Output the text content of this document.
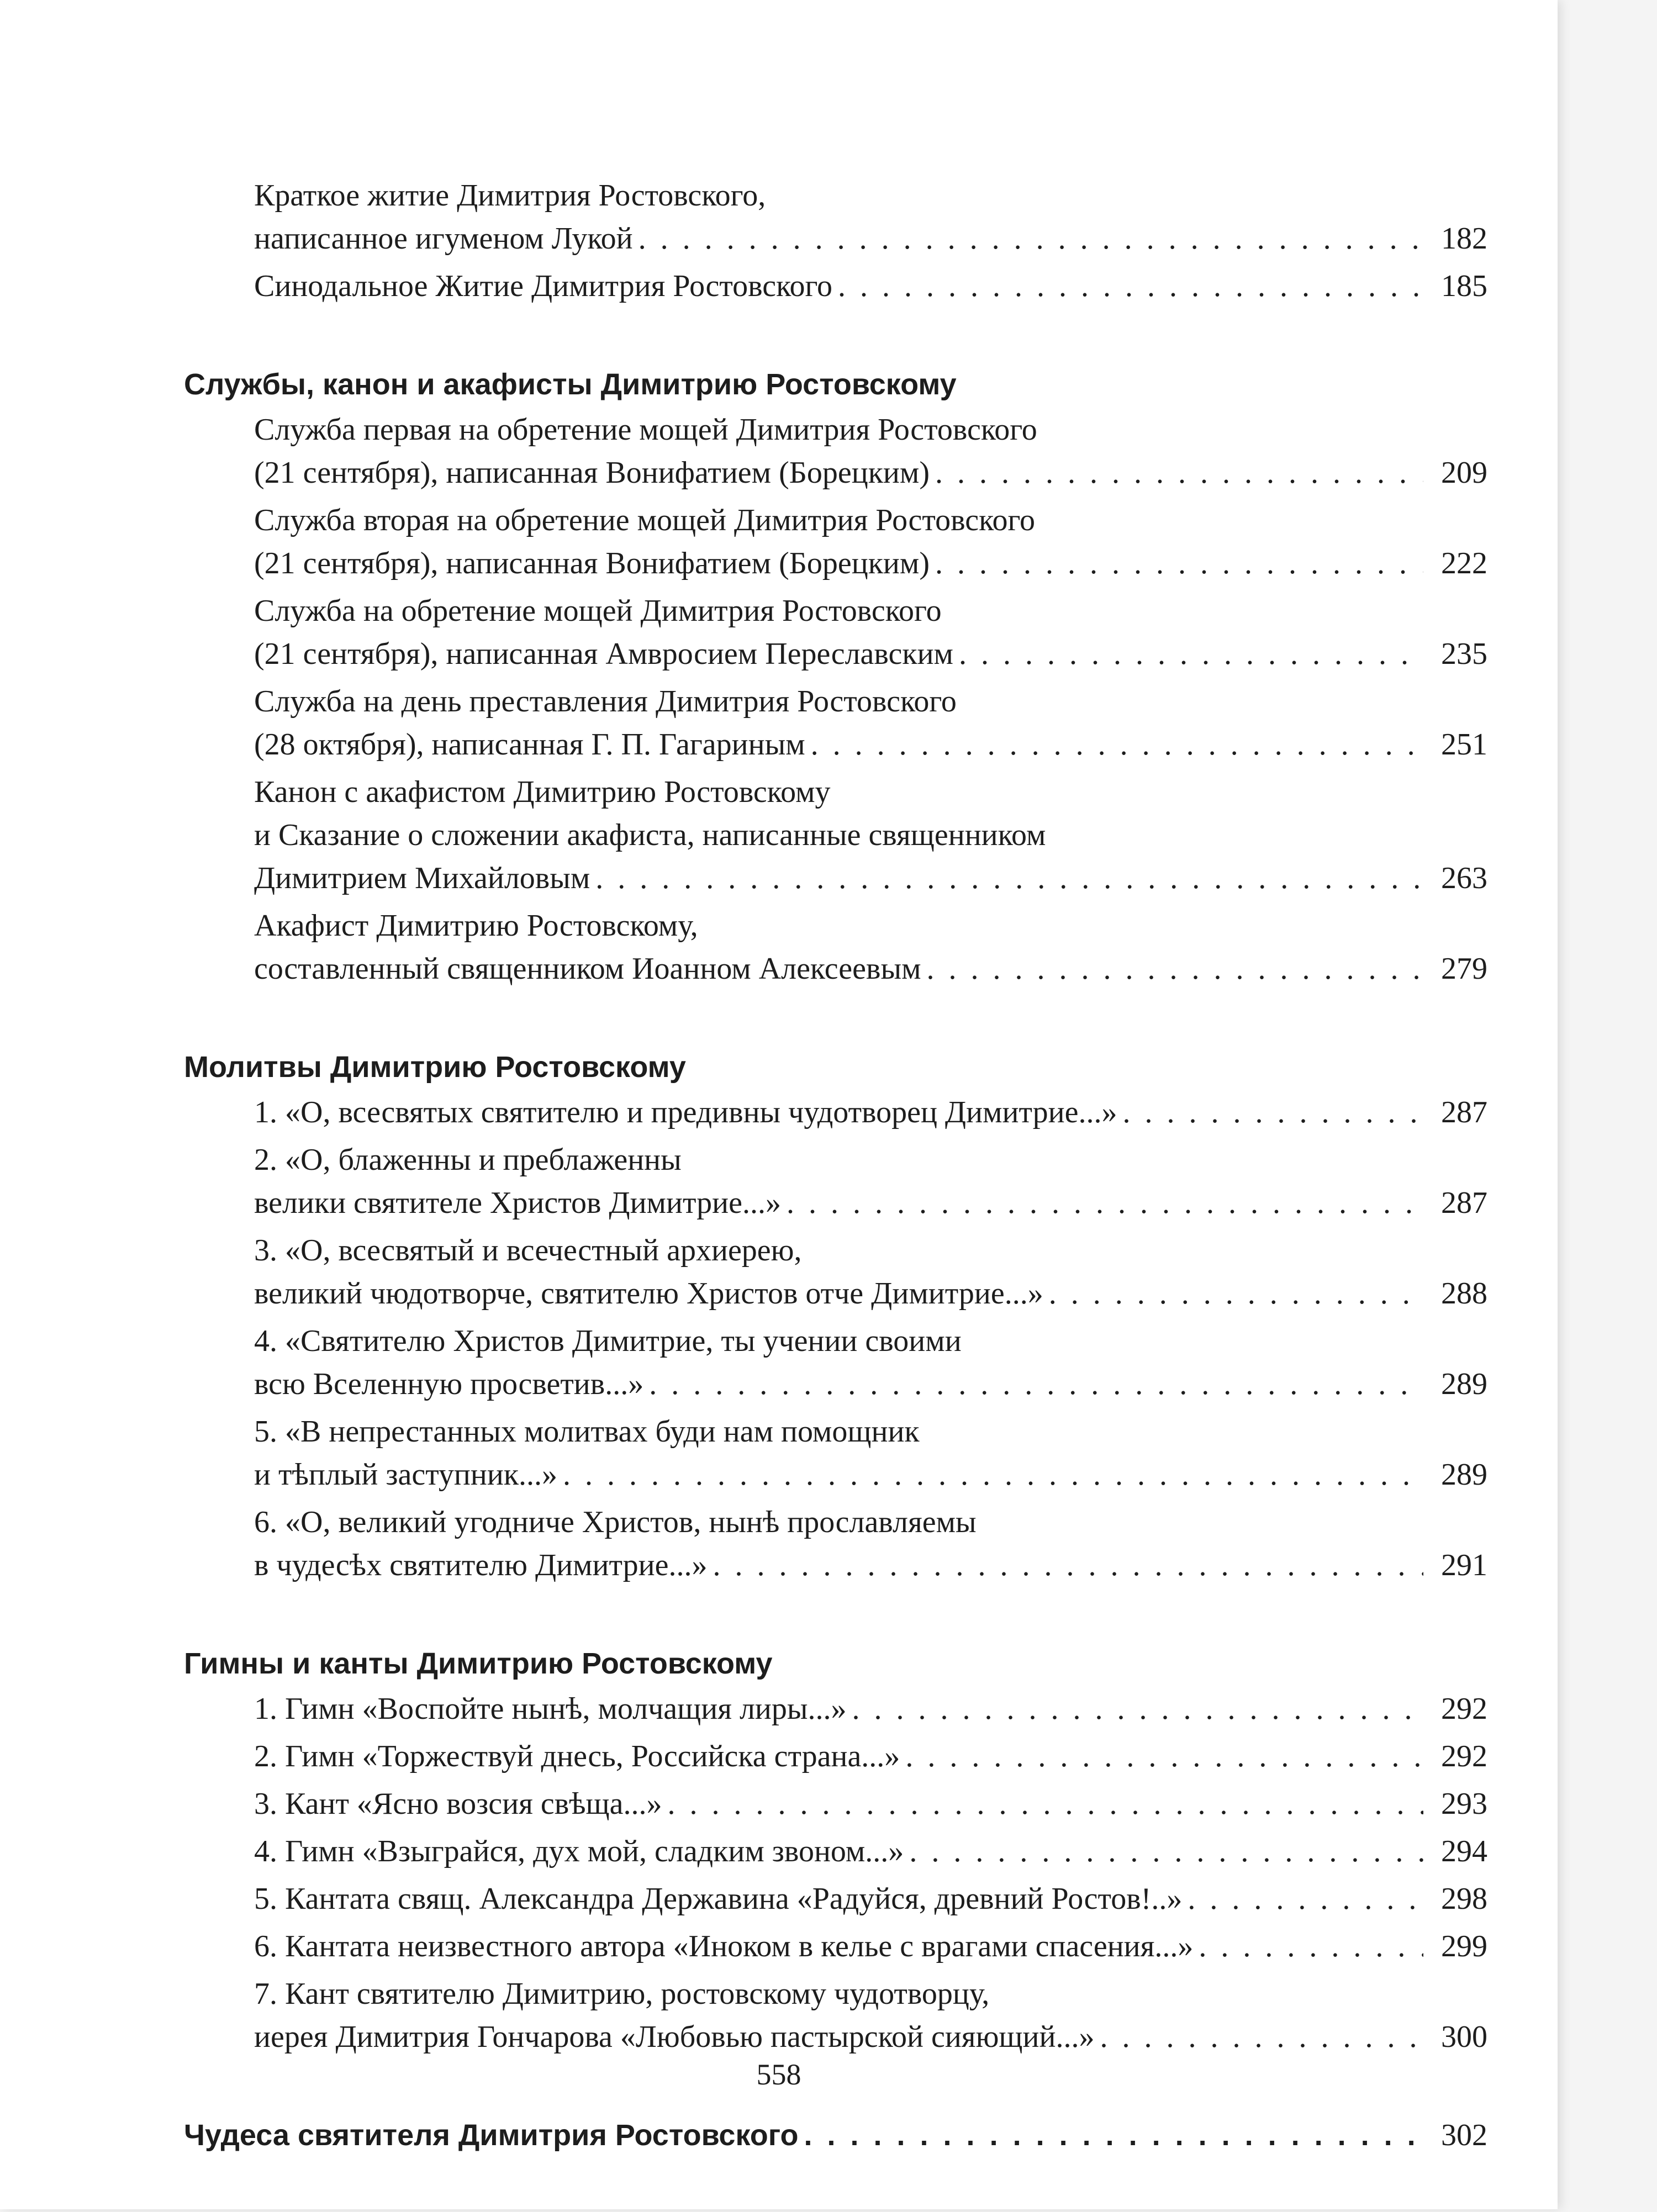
Краткое житие Димитрия Ростовского,
написанное игуменом Лукой . . .	182
Синодальное Житие Димитрия Ростовского . . .	185
Службы, канон и акафисты Димитрию Ростовскому
Служба первая на обретение мощей Димитрия Ростовского
(21 сентября), написанная Вонифатием (Борецким) . . .	209
Служба вторая на обретение мощей Димитрия Ростовского
(21 сентября), написанная Вонифатием (Борецким) . . .	222
Служба на обретение мощей Димитрия Ростовского
(21 сентября), написанная Амвросием Переславским . . .	235
Служба на день преставления Димитрия Ростовского
(28 октября), написанная Г. П. Гагариным . . .	251
Канон с акафистом Димитрию Ростовскому
и Сказание о сложении акафиста, написанные священником
Димитрием Михайловым . . .	263
Акафист Димитрию Ростовскому,
составленный священником Иоанном Алексеевым . . .	279
Молитвы Димитрию Ростовскому
1. «О, всесвятых святителю и предивны чудотворец Димитрие...» . . .	287
2. «О, блаженны и преблаженны
велики святителе Христов Димитрие...» . . .	287
3. «О, всесвятый и всечестный архиерею,
великий чюдотворче, святителю Христов отче Димитрие...» . . .	288
4. «Святителю Христов Димитрие, ты учении своими
всю Вселенную просветив...» . . .	289
5. «В непрестанных молитвах буди нам помощник
и тѣплый заступник...» . . .	289
6. «О, великий угодниче Христов, нынѣ прославляемы
в чудесѣх святителю Димитрие...» . . .	291
Гимны и канты Димитрию Ростовскому
1. Гимн «Воспойте нынѣ, молчащия лиры...» . . .	292
2. Гимн «Торжествуй днесь, Российска страна...» . . .	292
3. Кант «Ясно возсия свѣща...» . . .	293
4. Гимн «Взыграйся, дух мой, сладким звоном...» . . .	294
5. Кантата свящ. Александра Державина «Радуйся, древний Ростов!..» . . .	298
6. Кантата неизвестного автора «Иноком в келье с врагами спасения...» . . .	299
7. Кант святителю Димитрию, ростовскому чудотворцу,
иерея Димитрия Гончарова «Любовью пастырской сияющий...» . . .	300
Чудеса святителя Димитрия Ростовского . . .	302
558
